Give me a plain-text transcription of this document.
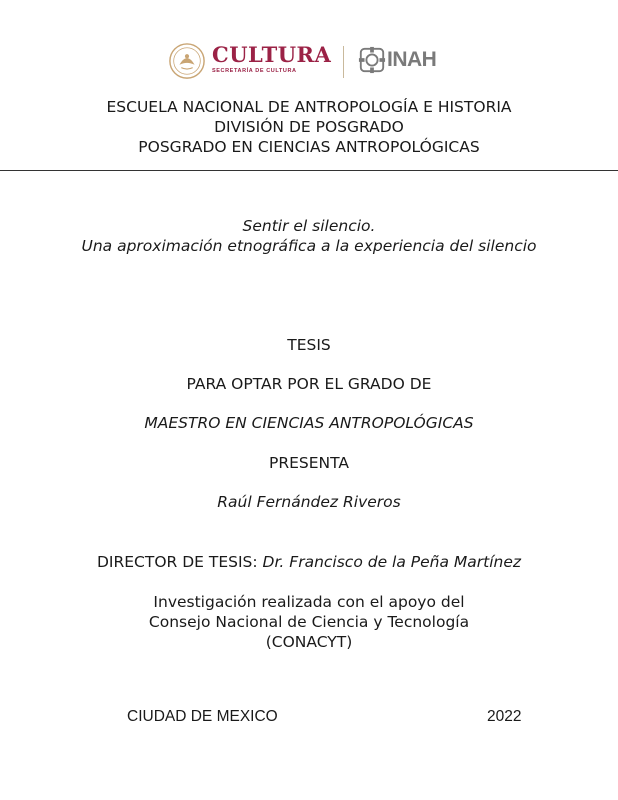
CULTURA
SECRETARÍA DE CULTURA	INAH
ESCUELA NACIONAL DE ANTROPOLOGÍA E HISTORIA
DIVISIÓN DE POSGRADO
POSGRADO EN CIENCIAS ANTROPOLÓGICAS
Sentir el silencio.
Una aproximación etnográfica a la experiencia del silencio
TESIS
PARA OPTAR POR EL GRADO DE
MAESTRO EN CIENCIAS ANTROPOLÓGICAS
PRESENTA
Raúl Fernández Riveros
DIRECTOR DE TESIS: Dr. Francisco de la Peña Martínez
Investigación realizada con el apoyo del
Consejo Nacional de Ciencia y Tecnología
(CONACYT)
CIUDAD DE MEXICO	2022
